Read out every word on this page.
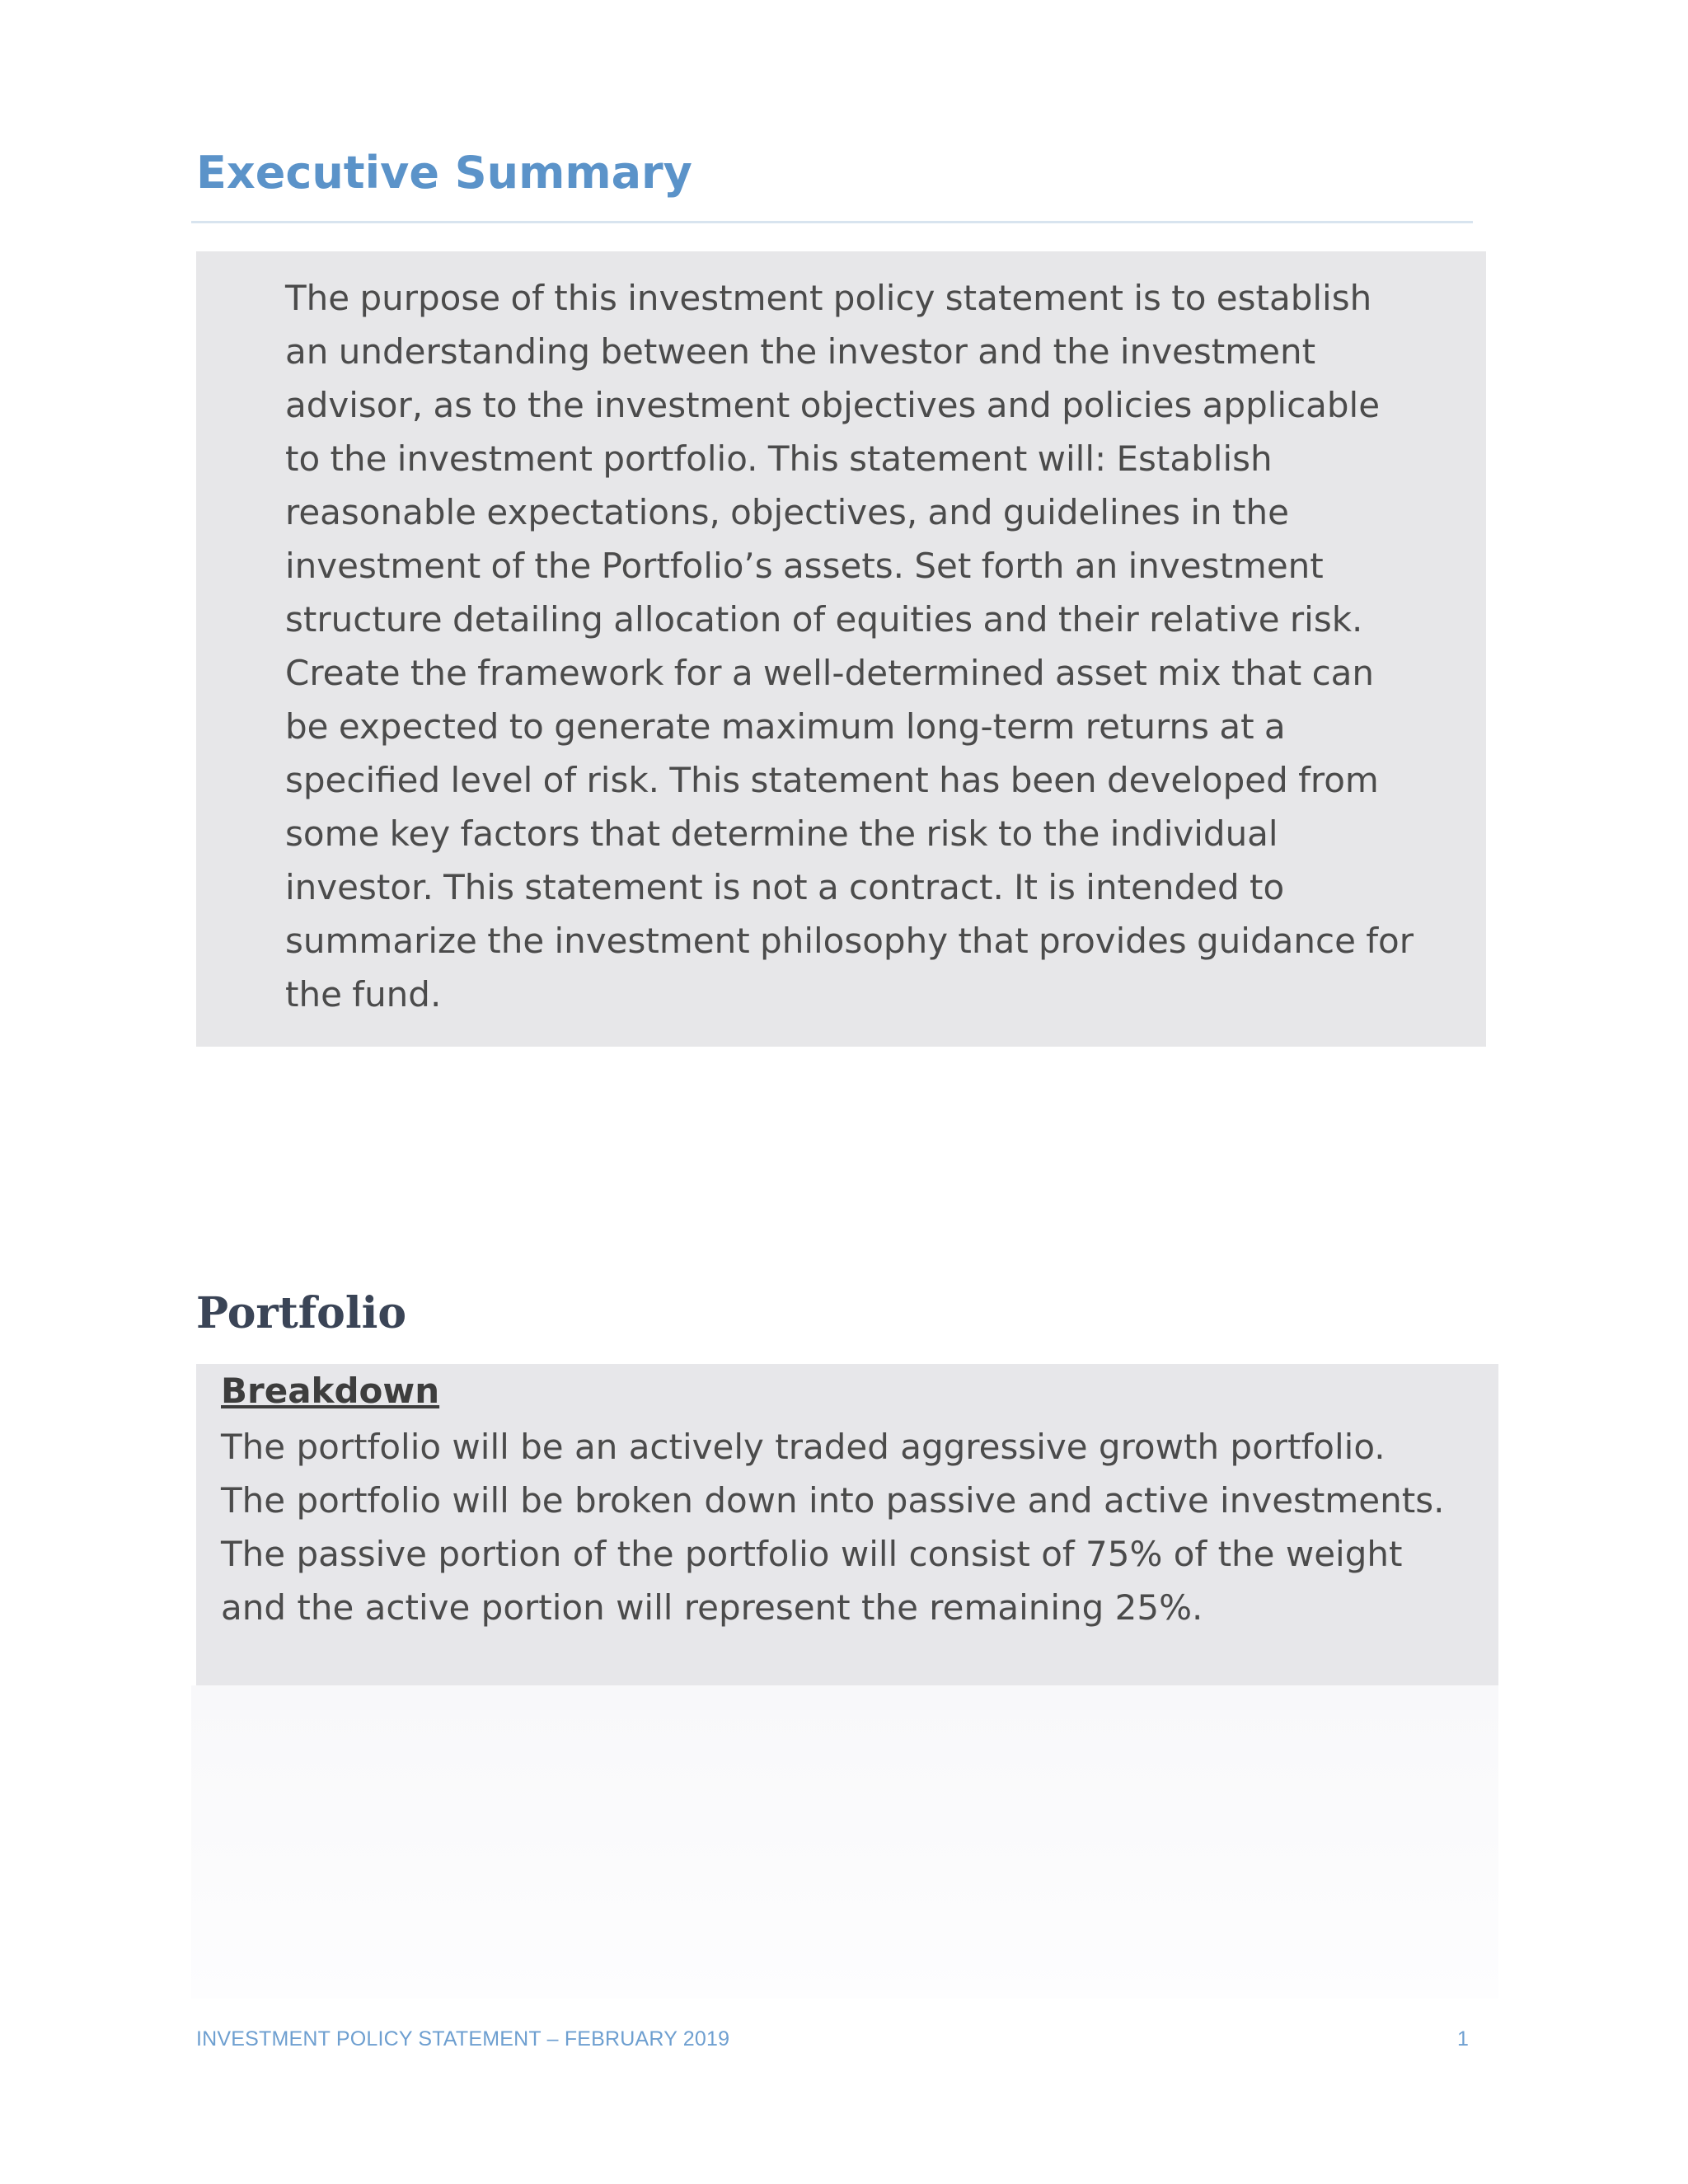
Executive Summary

The purpose of this investment policy statement is to establish an understanding between the investor and the investment advisor, as to the investment objectives and policies applicable to the investment portfolio. This statement will: Establish reasonable expectations, objectives, and guidelines in the investment of the Portfolio’s assets. Set forth an investment structure detailing allocation of equities and their relative risk. Create the framework for a well-determined asset mix that can be expected to generate maximum long-term returns at a specified level of risk. This statement has been developed from some key factors that determine the risk to the individual investor. This statement is not a contract. It is intended to summarize the investment philosophy that provides guidance for the fund.

Portfolio
Breakdown

The portfolio will be an actively traded aggressive growth portfolio. The portfolio will be broken down into passive and active investments.  The passive portion of the portfolio will consist of 75% of the weight and the active portion will represent the remaining 25%.

INVESTMENT POLICY STATEMENT – FEBRUARY 2019	1
